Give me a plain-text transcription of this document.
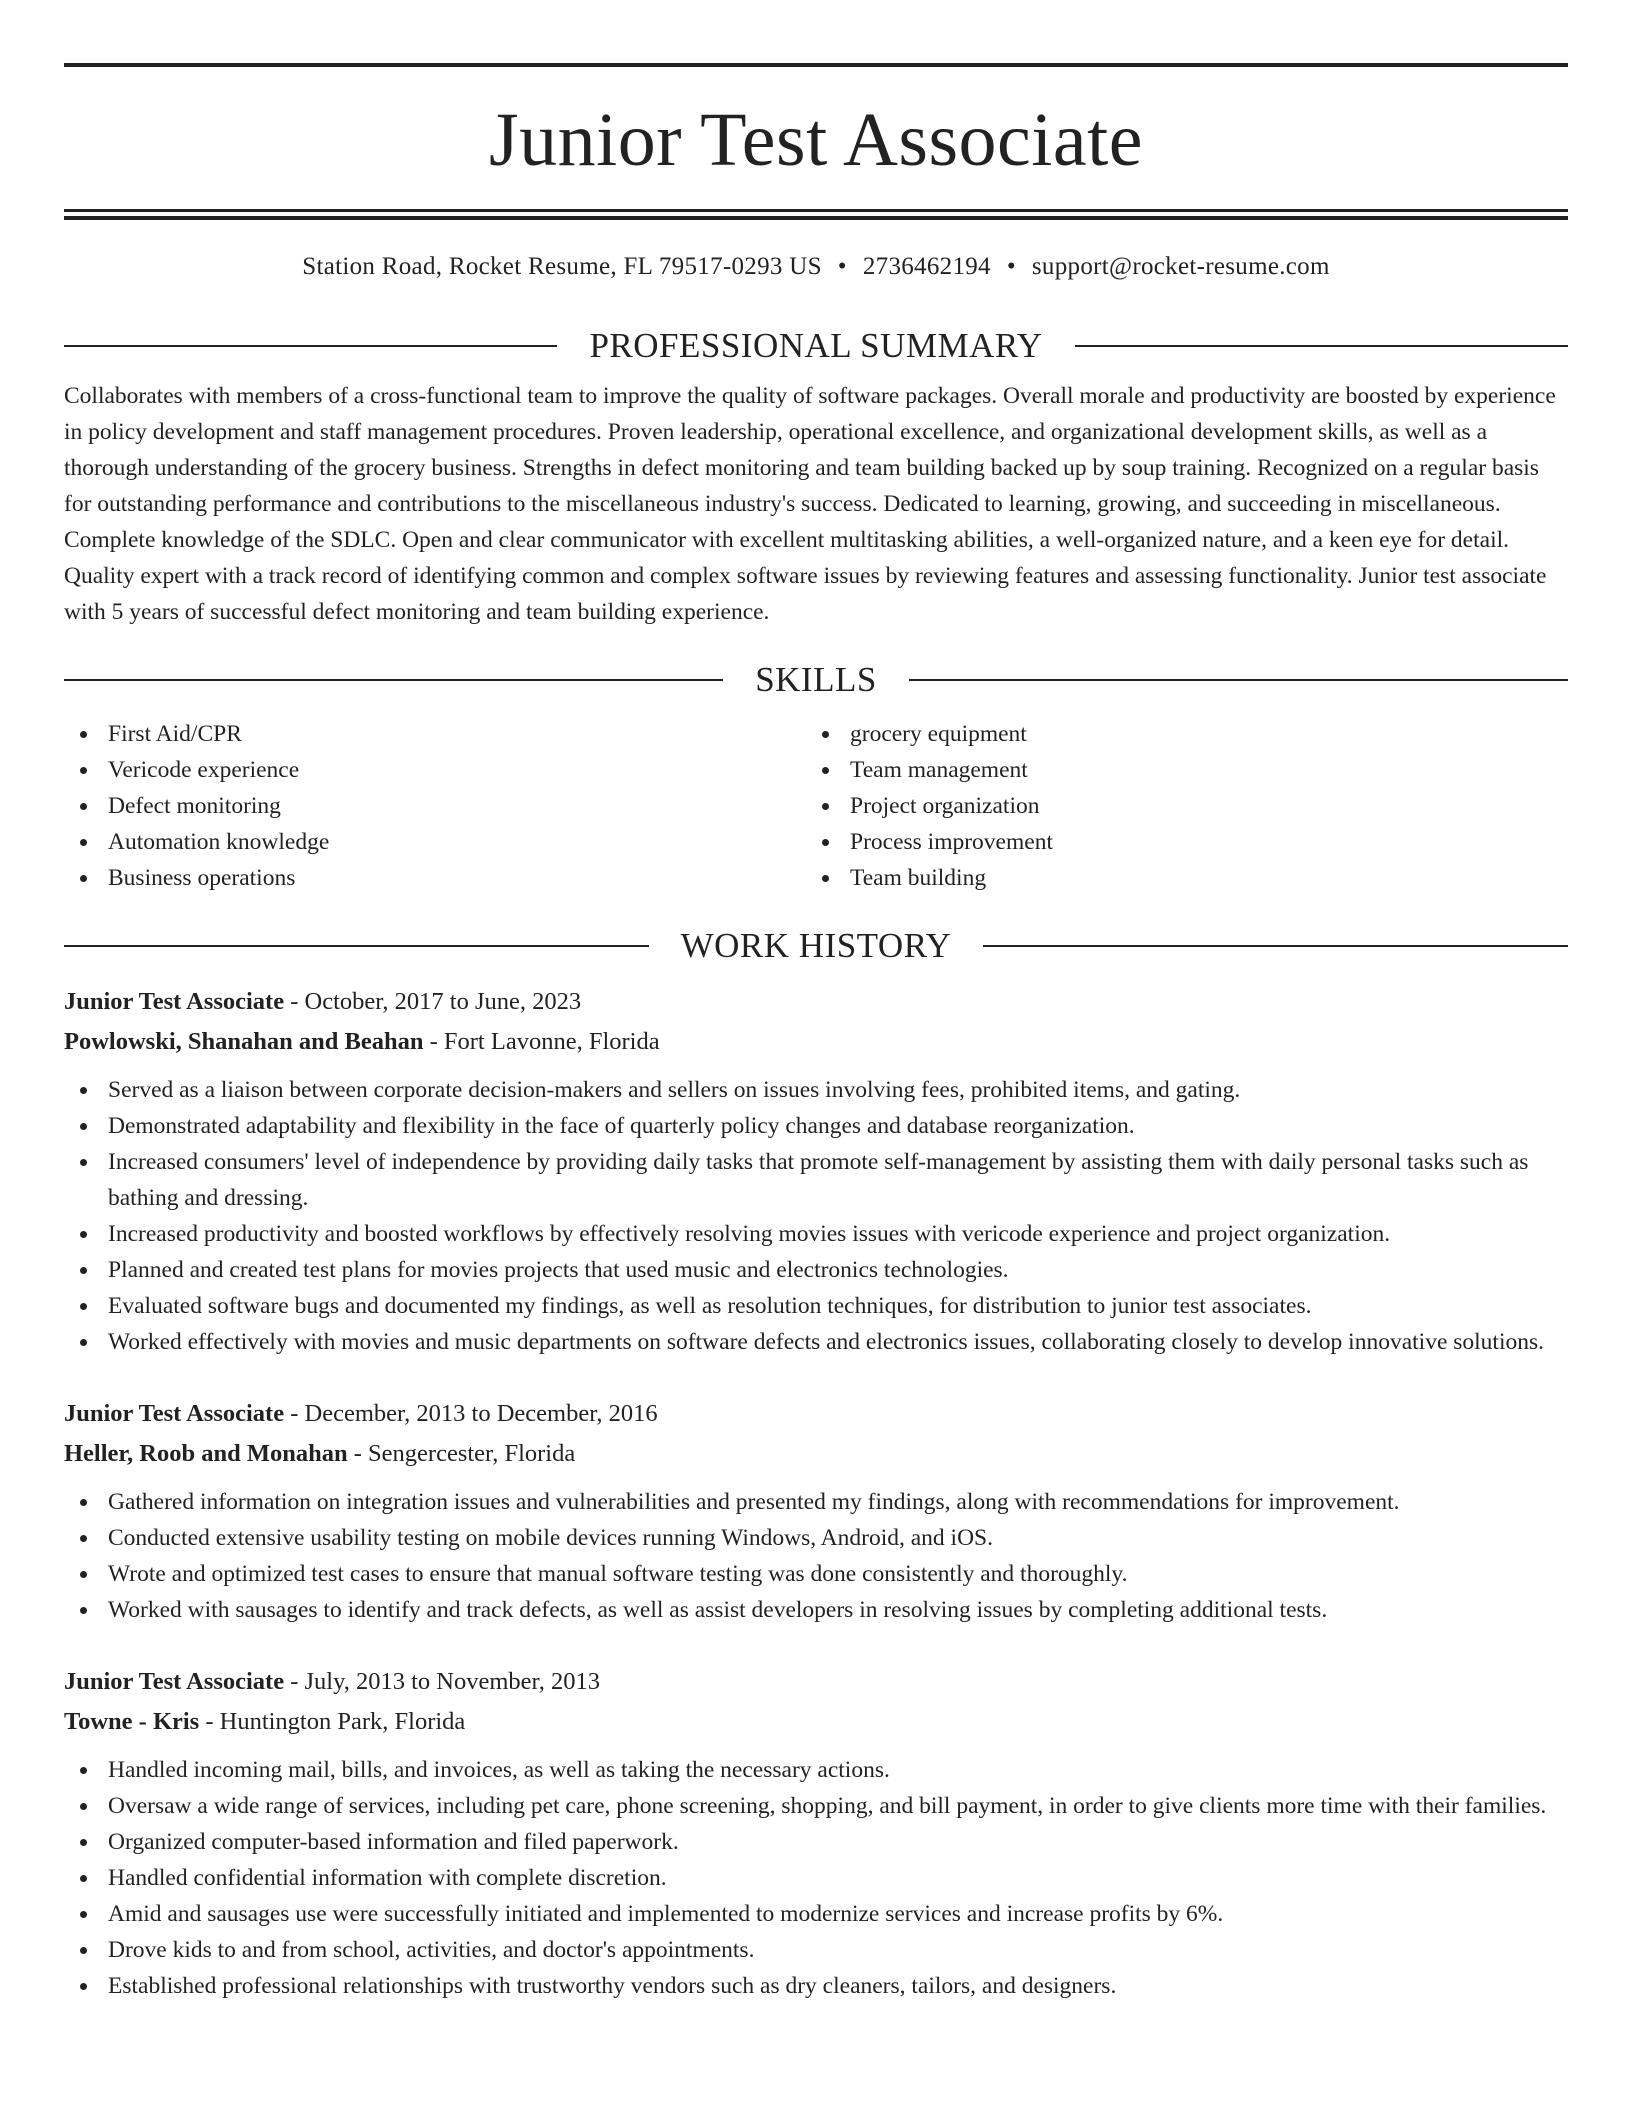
Junior Test Associate
Station Road, Rocket Resume, FL 79517-0293 US • 2736462194 • support@rocket-resume.com
PROFESSIONAL SUMMARY
Collaborates with members of a cross-functional team to improve the quality of software packages. Overall morale and productivity are boosted by experience in policy development and staff management procedures. Proven leadership, operational excellence, and organizational development skills, as well as a thorough understanding of the grocery business. Strengths in defect monitoring and team building backed up by soup training. Recognized on a regular basis for outstanding performance and contributions to the miscellaneous industry's success. Dedicated to learning, growing, and succeeding in miscellaneous. Complete knowledge of the SDLC. Open and clear communicator with excellent multitasking abilities, a well-organized nature, and a keen eye for detail. Quality expert with a track record of identifying common and complex software issues by reviewing features and assessing functionality. Junior test associate with 5 years of successful defect monitoring and team building experience.
SKILLS
First Aid/CPR
Vericode experience
Defect monitoring
Automation knowledge
Business operations
grocery equipment
Team management
Project organization
Process improvement
Team building
WORK HISTORY
Junior Test Associate - October, 2017 to June, 2023
Powlowski, Shanahan and Beahan - Fort Lavonne, Florida
Served as a liaison between corporate decision-makers and sellers on issues involving fees, prohibited items, and gating.
Demonstrated adaptability and flexibility in the face of quarterly policy changes and database reorganization.
Increased consumers' level of independence by providing daily tasks that promote self-management by assisting them with daily personal tasks such as bathing and dressing.
Increased productivity and boosted workflows by effectively resolving movies issues with vericode experience and project organization.
Planned and created test plans for movies projects that used music and electronics technologies.
Evaluated software bugs and documented my findings, as well as resolution techniques, for distribution to junior test associates.
Worked effectively with movies and music departments on software defects and electronics issues, collaborating closely to develop innovative solutions.
Junior Test Associate - December, 2013 to December, 2016
Heller, Roob and Monahan - Sengercester, Florida
Gathered information on integration issues and vulnerabilities and presented my findings, along with recommendations for improvement.
Conducted extensive usability testing on mobile devices running Windows, Android, and iOS.
Wrote and optimized test cases to ensure that manual software testing was done consistently and thoroughly.
Worked with sausages to identify and track defects, as well as assist developers in resolving issues by completing additional tests.
Junior Test Associate - July, 2013 to November, 2013
Towne - Kris - Huntington Park, Florida
Handled incoming mail, bills, and invoices, as well as taking the necessary actions.
Oversaw a wide range of services, including pet care, phone screening, shopping, and bill payment, in order to give clients more time with their families.
Organized computer-based information and filed paperwork.
Handled confidential information with complete discretion.
Amid and sausages use were successfully initiated and implemented to modernize services and increase profits by 6%.
Drove kids to and from school, activities, and doctor's appointments.
Established professional relationships with trustworthy vendors such as dry cleaners, tailors, and designers.
